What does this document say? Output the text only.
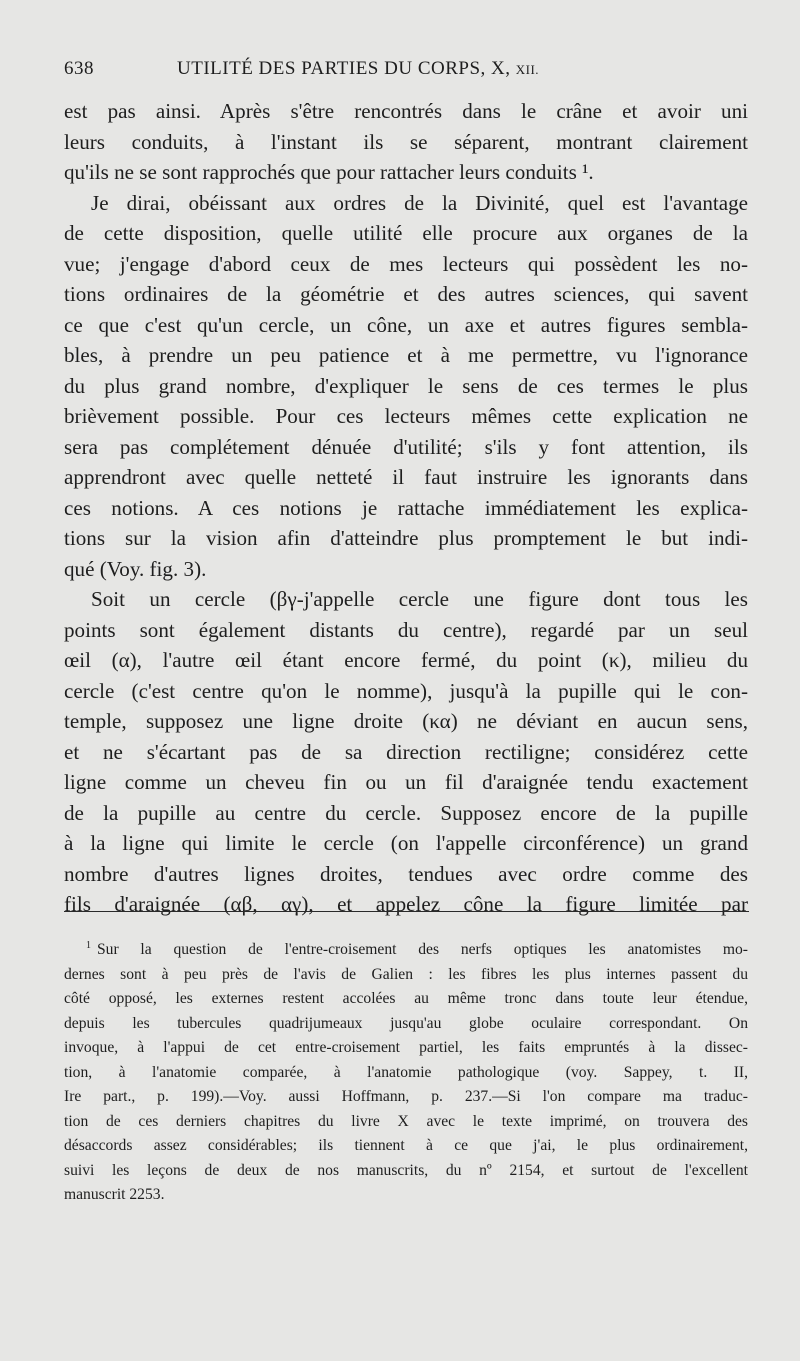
638	UTILITÉ DES PARTIES DU CORPS, X, XII.
est pas ainsi. Après s'être rencontrés dans le crâne et avoir uni
leurs conduits, à l'instant ils se séparent, montrant clairement
qu'ils ne se sont rapprochés que pour rattacher leurs conduits ¹.
Je dirai, obéissant aux ordres de la Divinité, quel est l'avantage
de cette disposition, quelle utilité elle procure aux organes de la
vue; j'engage d'abord ceux de mes lecteurs qui possèdent les no-
tions ordinaires de la géométrie et des autres sciences, qui savent
ce que c'est qu'un cercle, un cône, un axe et autres figures sembla-
bles, à prendre un peu patience et à me permettre, vu l'ignorance
du plus grand nombre, d'expliquer le sens de ces termes le plus
brièvement possible. Pour ces lecteurs mêmes cette explication ne
sera pas complétement dénuée d'utilité; s'ils y font attention, ils
apprendront avec quelle netteté il faut instruire les ignorants dans
ces notions. A ces notions je rattache immédiatement les explica-
tions sur la vision afin d'atteindre plus promptement le but indi-
qué (Voy. fig. 3).
Soit un cercle (βγ-j'appelle cercle une figure dont tous les
points sont également distants du centre), regardé par un seul
œil (α), l'autre œil étant encore fermé, du point (κ), milieu du
cercle (c'est centre qu'on le nomme), jusqu'à la pupille qui le con-
temple, supposez une ligne droite (κα) ne déviant en aucun sens,
et ne s'écartant pas de sa direction rectiligne; considérez cette
ligne comme un cheveu fin ou un fil d'araignée tendu exactement
de la pupille au centre du cercle. Supposez encore de la pupille
à la ligne qui limite le cercle (on l'appelle circonférence) un grand
nombre d'autres lignes droites, tendues avec ordre comme des
fils d'araignée (αβ, αγ), et appelez cône la figure limitée par
$^1$ Sur la question de l'entre-croisement des nerfs optiques les anatomistes mo-
dernes sont à peu près de l'avis de Galien : les fibres les plus internes passent du
côté opposé, les externes restent accolées au même tronc dans toute leur étendue,
depuis les tubercules quadrijumeaux jusqu'au globe oculaire correspondant. On
invoque, à l'appui de cet entre-croisement partiel, les faits empruntés à la dissec-
tion, à l'anatomie comparée, à l'anatomie pathologique (voy. Sappey, t. II,
Ire part., p. 199).—Voy. aussi Hoffmann, p. 237.—Si l'on compare ma traduc-
tion de ces derniers chapitres du livre X avec le texte imprimé, on trouvera des
désaccords assez considérables; ils tiennent à ce que j'ai, le plus ordinairement,
suivi les leçons de deux de nos manuscrits, du nº 2154, et surtout de l'excellent
manuscrit 2253.
